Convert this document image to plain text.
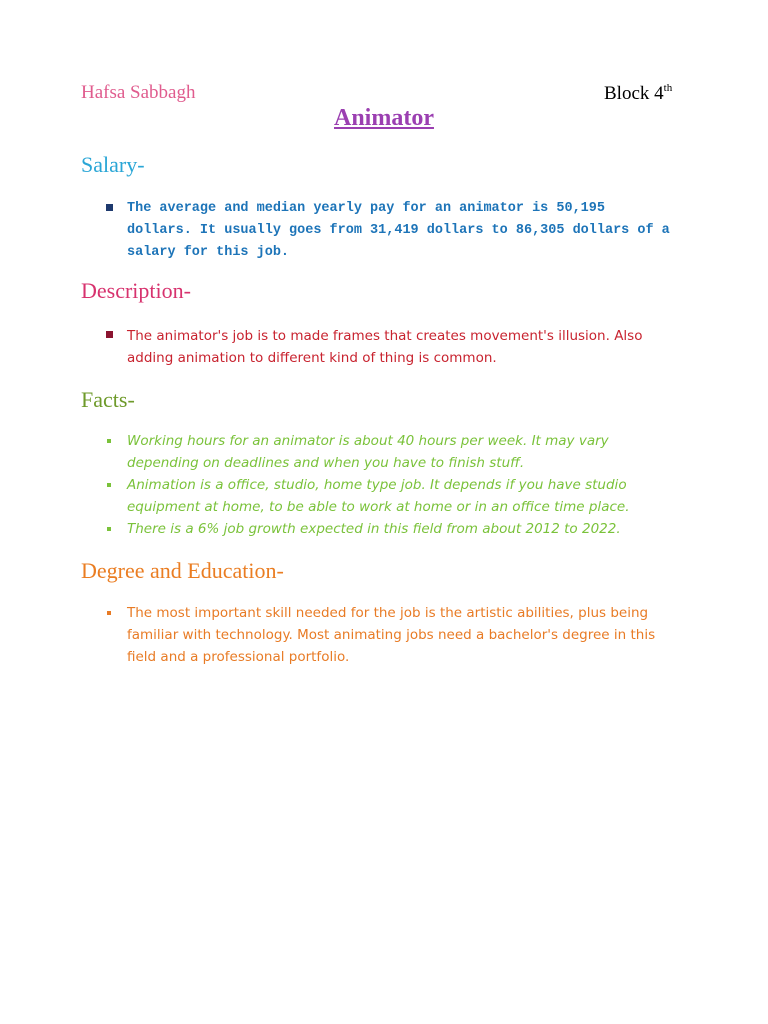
Hafsa Sabbagh	Block 4th
Animator
Salary-
The average and median yearly pay for an animator is 50,195 dollars. It usually goes from 31,419 dollars to 86,305 dollars of a salary for this job.
Description-
The animator's job is to made frames that creates movement's illusion. Also adding animation to different kind of thing is common.
Facts-
Working hours for an animator is about 40 hours per week. It may vary depending on deadlines and when you have to finish stuff.
Animation is a office, studio, home type job. It depends if you have studio equipment at home, to be able to work at home or in an office time place.
There is a 6% job growth expected in this field from about 2012 to 2022.
Degree and Education-
The most important skill needed for the job is the artistic abilities, plus being familiar with technology. Most animating jobs need a bachelor's degree in this field and a professional portfolio.
